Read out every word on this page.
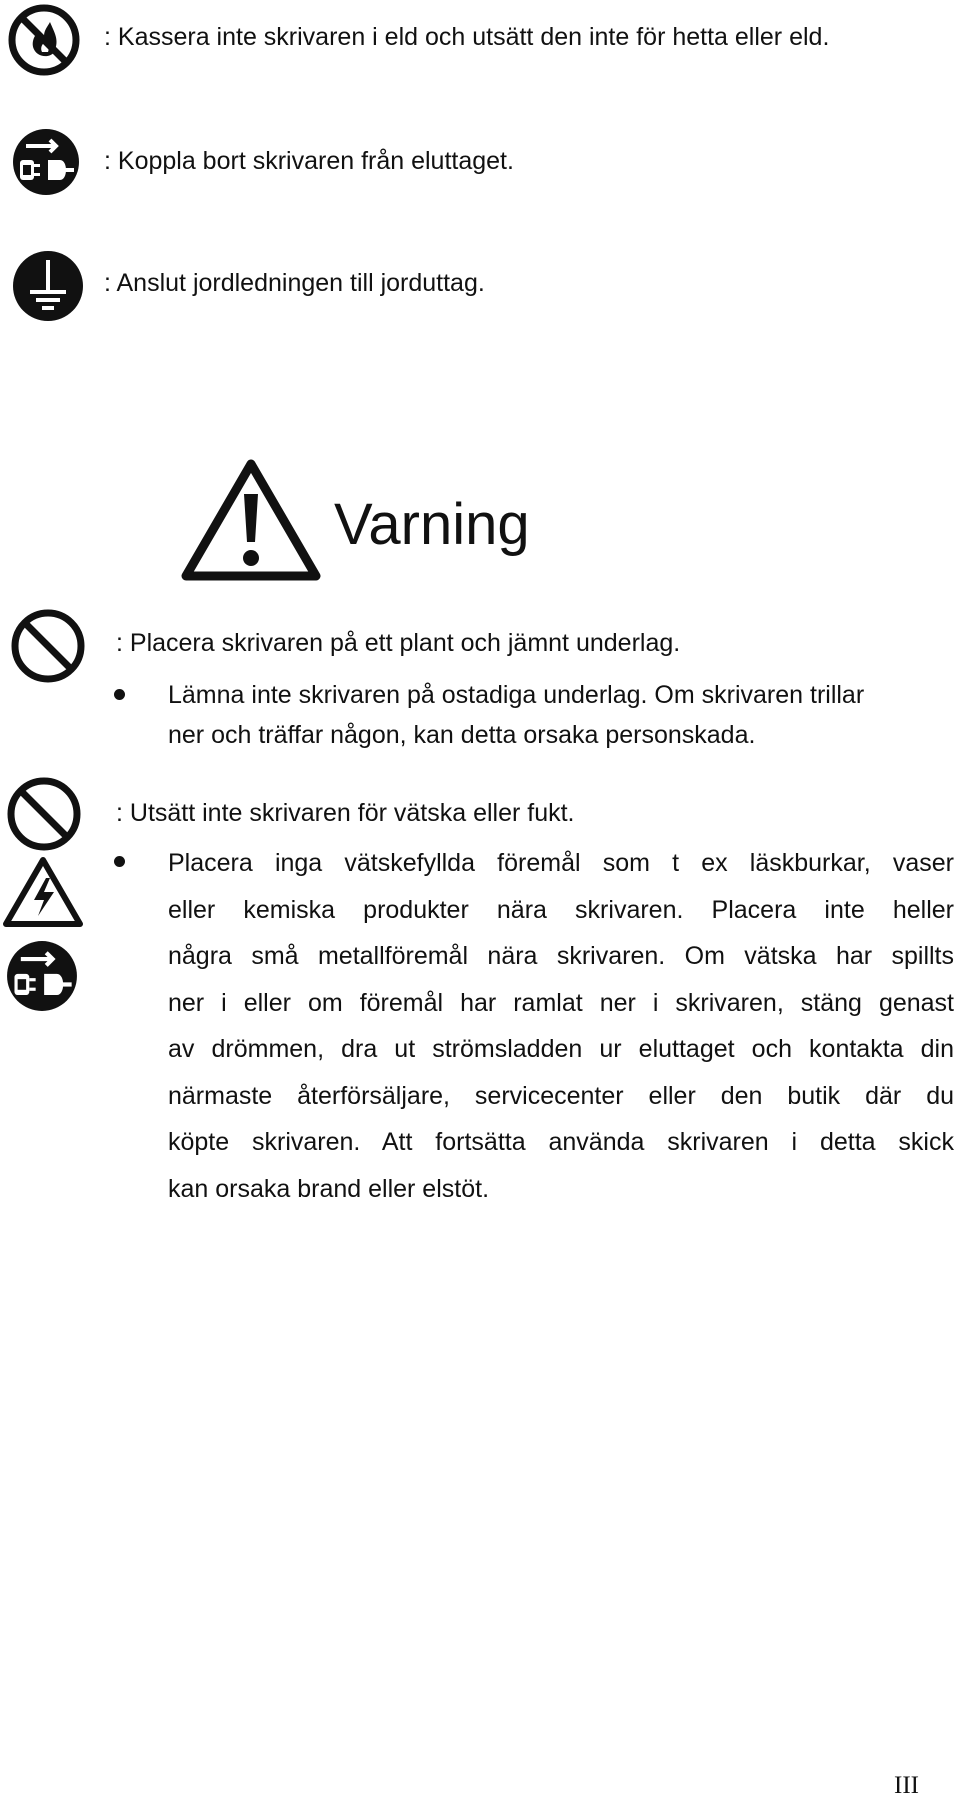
: Kassera inte skrivaren i eld och utsätt den inte för hetta eller eld.
: Koppla bort skrivaren från eluttaget.
: Anslut jordledningen till jorduttag.
Varning
: Placera skrivaren på ett plant och jämnt underlag.
Lämna inte skrivaren på ostadiga underlag. Om skrivaren trillar
ner och träffar någon, kan detta orsaka personskada.
: Utsätt inte skrivaren för vätska eller fukt.
Placera inga vätskefyllda föremål som t ex läskburkar, vaser
eller kemiska produkter nära skrivaren. Placera inte heller
några små metallföremål nära skrivaren. Om vätska har spillts
ner i eller om föremål har ramlat ner i skrivaren, stäng genast
av drömmen, dra ut strömsladden ur eluttaget och kontakta din
närmaste återförsäljare, servicecenter eller den butik där du
köpte skrivaren. Att fortsätta använda skrivaren i detta skick
kan orsaka brand eller elstöt.
III
